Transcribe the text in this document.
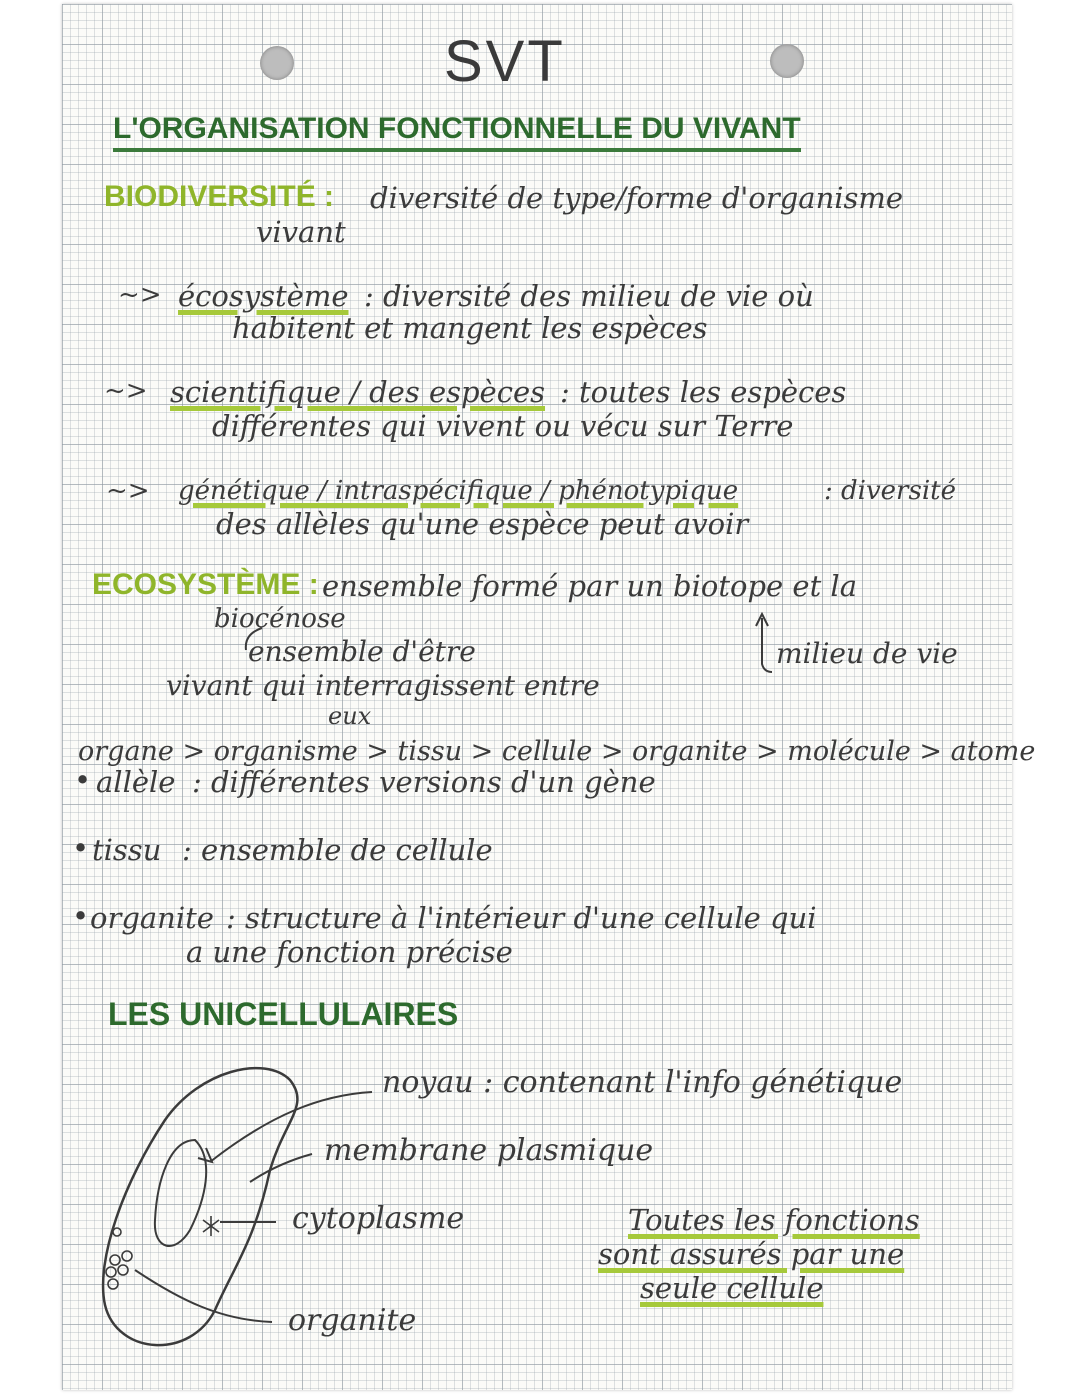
SVT
L'ORGANISATION FONCTIONNELLE DU VIVANT
BIODIVERSITÉ : diversité de type/forme d'organisme
vivant
~> écosystème : diversité des milieu de vie où
habitent et mangent les espèces
~> scientifique / des espèces : toutes les espèces
différentes qui vivent ou vécu sur Terre
~> génétique / intraspécifique / phénotypique	: diversité
des allèles qu'une espèce peut avoir
ECOSYSTÈME : ensemble formé par un biotope et la
biocénose
ensemble d'être
vivant qui interragissent entre
eux
milieu de vie
organe > organisme > tissu > cellule > organite > molécule > atome
• allèle : différentes versions d'un gène
• tissu : ensemble de cellule
• organite : structure à l'intérieur d'une cellule qui
a une fonction précise
LES UNICELLULAIRES
noyau : contenant l'info génétique
membrane plasmique
cytoplasme
organite
Toutes les fonctions
sont assurés par une
seule cellule
